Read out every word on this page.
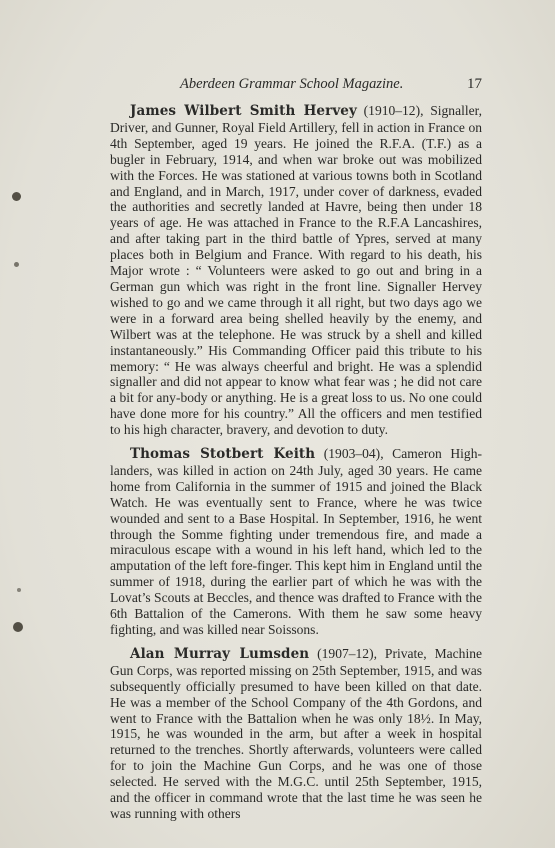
Aberdeen Grammar School Magazine.	17

James Wilbert Smith Hervey (1910–12), Signaller, Driver, and Gunner, Royal Field Artillery, fell in action in France on 4th September, aged 19 years. He joined the R.F.A. (T.F.) as a bugler in February, 1914, and when war broke out was mobilized with the Forces. He was stationed at various towns both in Scotland and England, and in March, 1917, under cover of darkness, evaded the authorities and secretly landed at Havre, being then under 18 years of age. He was attached in France to the R.F.A Lancashires, and after taking part in the third battle of Ypres, served at many places both in Belgium and France. With regard to his death, his Major wrote : “ Volunteers were asked to go out and bring in a German gun which was right in the front line. Signaller Hervey wished to go and we came through it all right, but two days ago we were in a forward area being shelled heavily by the enemy, and Wilbert was at the telephone. He was struck by a shell and killed instantaneously.” His Commanding Officer paid this tribute to his memory: “ He was always cheerful and bright. He was a splendid signaller and did not appear to know what fear was ; he did not care a bit for any-body or anything. He is a great loss to us. No one could have done more for his country.” All the officers and men testified to his high character, bravery, and devotion to duty.

Thomas Stotbert Keith (1903–04), Cameron High-landers, was killed in action on 24th July, aged 30 years. He came home from California in the summer of 1915 and joined the Black Watch. He was eventually sent to France, where he was twice wounded and sent to a Base Hospital. In September, 1916, he went through the Somme fighting under tremendous fire, and made a miraculous escape with a wound in his left hand, which led to the amputation of the left fore-finger. This kept him in England until the summer of 1918, during the earlier part of which he was with the Lovat’s Scouts at Beccles, and thence was drafted to France with the 6th Battalion of the Camerons. With them he saw some heavy fighting, and was killed near Soissons.

Alan Murray Lumsden (1907–12), Private, Machine Gun Corps, was reported missing on 25th September, 1915, and was subsequently officially presumed to have been killed on that date. He was a member of the School Company of the 4th Gordons, and went to France with the Battalion when he was only 18½. In May, 1915, he was wounded in the arm, but after a week in hospital returned to the trenches. Shortly afterwards, volunteers were called for to join the Machine Gun Corps, and he was one of those selected. He served with the M.G.C. until 25th September, 1915, and the officer in command wrote that the last time he was seen he was running with others
